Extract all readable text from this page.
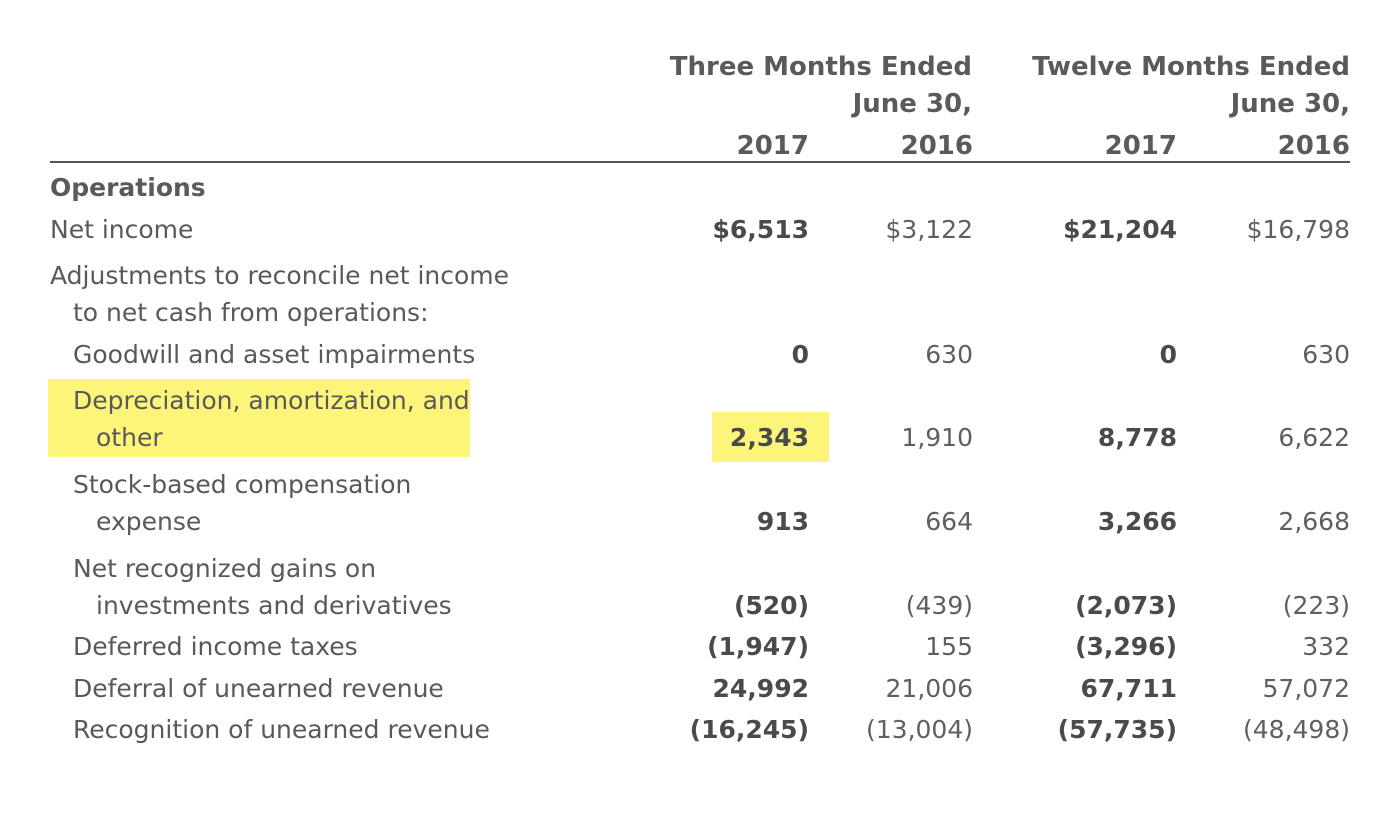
Three Months Ended
June 30,
Twelve Months Ended
June 30,
2017	2016	2017	2016
Operations
Net income	$6,513	$3,122	$21,204	$16,798
Adjustments to reconcile net income
to net cash from operations:
Goodwill and asset impairments	0	630	0	630
Depreciation, amortization, and
other	2,343	1,910	8,778	6,622
Stock-based compensation
expense	913	664	3,266	2,668
Net recognized gains on
investments and derivatives	(520)	(439)	(2,073)	(223)
Deferred income taxes	(1,947)	155	(3,296)	332
Deferral of unearned revenue	24,992	21,006	67,711	57,072
Recognition of unearned revenue	(16,245) (13,004)	(57,735)	(48,498)
